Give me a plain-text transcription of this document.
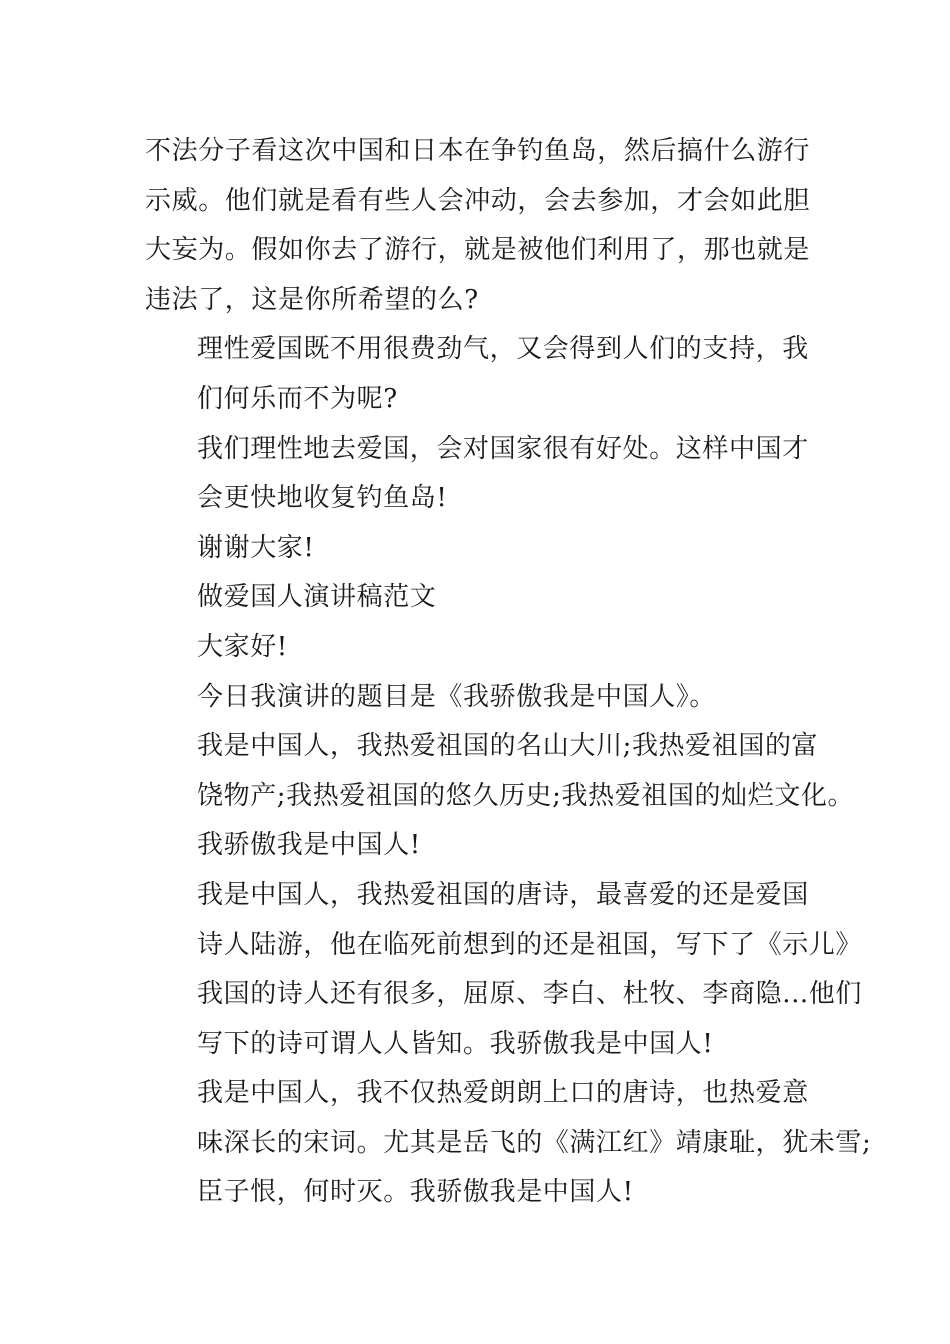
不法分子看这次中国和日本在争钓鱼岛，然后搞什么游行
示威。他们就是看有些人会冲动，会去参加，才会如此胆
大妄为。假如你去了游行，就是被他们利用了，那也就是
违法了，这是你所希望的么?

理性爱国既不用很费劲气，又会得到人们的支持，我
们何乐而不为呢?

我们理性地去爱国，会对国家很有好处。这样中国才
会更快地收复钓鱼岛!

谢谢大家!

做爱国人演讲稿范文

大家好!

今日我演讲的题目是《我骄傲我是中国人》。

我是中国人，我热爱祖国的名山大川;我热爱祖国的富
饶物产;我热爱祖国的悠久历史;我热爱祖国的灿烂文化。
我骄傲我是中国人!

我是中国人，我热爱祖国的唐诗，最喜爱的还是爱国
诗人陆游，他在临死前想到的还是祖国，写下了《示儿》
我国的诗人还有很多，屈原、李白、杜牧、李商隐...他们
写下的诗可谓人人皆知。我骄傲我是中国人!

我是中国人，我不仅热爱朗朗上口的唐诗，也热爱意
味深长的宋词。尤其是岳飞的《满江红》靖康耻，犹未雪;
臣子恨，何时灭。我骄傲我是中国人!
